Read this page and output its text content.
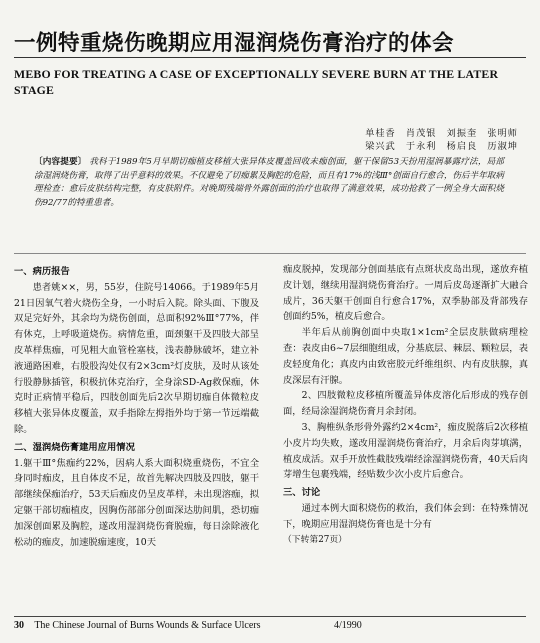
一例特重烧伤晚期应用湿润烧伤膏治疗的体会
MEBO FOR TREATING A CASE OF EXCEPTIONALLY SEVERE BURN AT THE LATER STAGE
单桂香　肖茂银　刘振奎　张明师
梁兴武　于永利　杨启良　历淑坤
〔内容提要〕 我科于1989年5月早期切痂植皮移植大张异体皮覆盖回收未痂创面，躯干保留53天扮用湿润暴露疗法，局部涂湿润烧伤膏，取得了出乎意料的效果。不仅避免了切痂累及胸腔的危险，而且有17%的浅Ⅲ°创面自行愈合，伤后半年取病理检查：愈后皮肤结构完整，有皮肤附件。对晚期残端骨外露创面的治疗也取得了满意效果，成功抢救了一例全身大面积烧伤92/77的特重患者。
一、病历报告

患者姚××，男，55岁，住院号14066。于1989年5月21日因氧气着火烧伤全身，一小时后入院。除头面、下腹及双足完好外，其余均为烧伤创面，总面积92%Ⅲ°77%，伴有休克，上呼吸道烧伤。病情危重，面颈躯干及四肢大部呈皮革样焦痂，可见粗大血管栓塞枝，浅表静脉破坏，建立补液通路困难，右股股沟处仅有2×3cm²灯皮肤，及时从该处行股静脉插管，积极抗休克治疗，全身涂SD-Ag救保痂，休克时正病情平稳后，四肢创面先后2次早期切痂自体微粒皮移植大张异体皮覆盖，双手指除左拇指外均于第一节远端截除。

二、湿润烧伤膏建用应用情况

1.躯干Ⅲ°焦痂约22%，因病人系大面积烧重烧伤，不宜全身同时痂皮，且自体皮不足，故首先解决四肢及四肢，躯干部继续保痂治疗，53天后痂皮仍呈皮革样，未出现溶痂，拟定躯干部切痂植皮，因胸伤部部分创面深达肋间肌，恐切痂加深创面累及胸腔，遂改用湿润烧伤膏脱痂，每日涂除液化松动的痂皮，加速脱痂速度，10天

痂皮脱掉，发现部分创面基底有点斑状皮岛出现，遂放弃植皮计划，继续用湿润烧伤膏治疗。一周后皮岛逐渐扩大融合成片，36天躯干创面自行愈合17%，双季胁部及背部残存创面约5%，植皮后愈合。

半年后从前胸创面中央取1×1cm²全层皮肤做病理检查：表皮由6~7层细胞组成，分基底层、棘层、颗粒层，表皮轻度角化；真皮内由致密胶元纤维组织、内有皮肤腺，真皮深层有汗腺。

2、四肢微粒皮移植所覆盖异体皮溶化后形成的残存创面，经局涂湿润烧伤膏月余封闭。

3、胸椎纵条形骨外露约2×4cm²，痂皮脱落后2次移植小皮片均失败，遂改用湿润烧伤膏治疗，月余后肉芽填满，植皮成活。双手开放性截肢残端经涂湿润烧伤膏，40天后肉芽增生包裹残端，经贴数少次小皮片后愈合。

三、讨论

通过本例大面积烧伤的救治，我们体会到：在特殊情况下，晚期应用湿润烧伤膏也是十分有

（下转第27页）
30 The Chinese Journal of Burns Wounds & Surface Ulcers	4/1990
